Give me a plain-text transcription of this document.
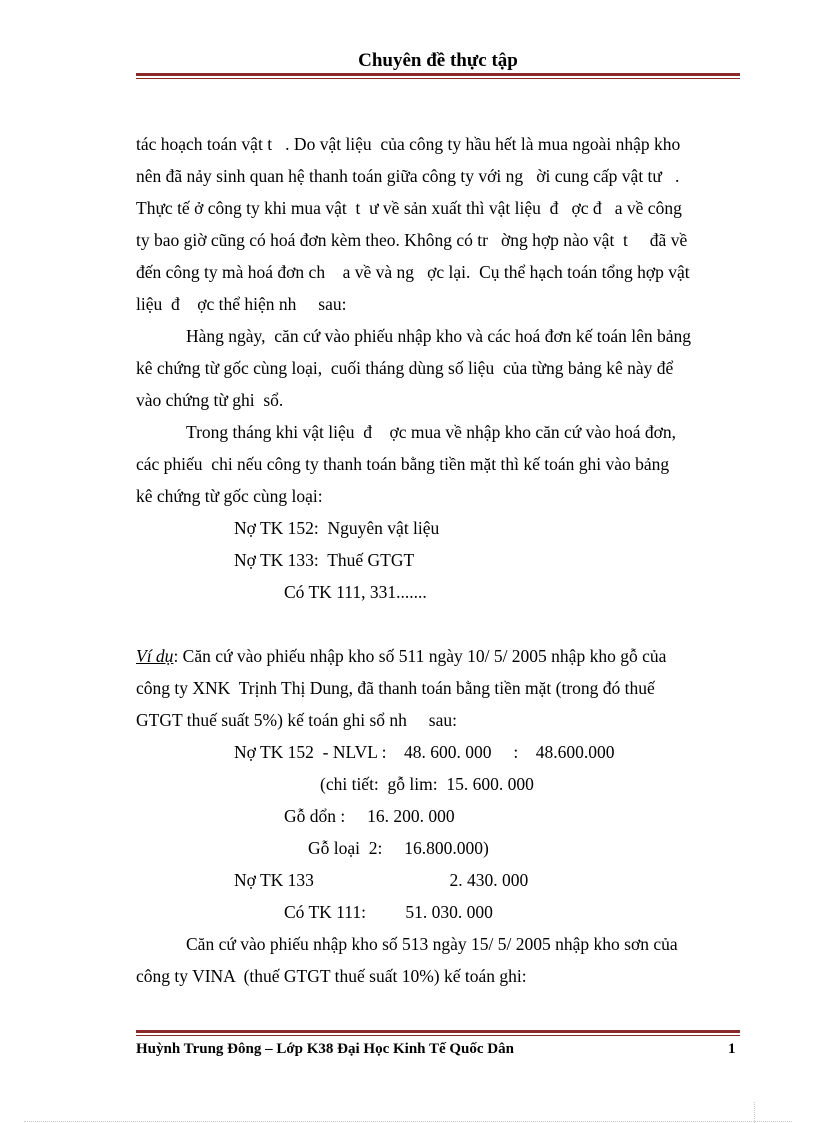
Chuyên đề thực tập
tác hoạch toán vật t   . Do vật liệu  của công ty hầu hết là mua ngoài nhập kho
nên đã nảy sinh quan hệ thanh toán giữa công ty với ng   ời cung cấp vật tư   .
Thực tế ở công ty khi mua vật  t  ư về sản xuất thì vật liệu  đ   ợc đ   a về công
ty bao giờ cũng có hoá đơn kèm theo. Không có tr   ờng hợp nào vật  t     đã về
đến công ty mà hoá đơn ch    a về và ng   ợc lại.  Cụ thể hạch toán tổng hợp vật
liệu  đ    ợc thể hiện nh     sau:
Hàng ngày,  căn cứ vào phiếu nhập kho và các hoá đơn kế toán lên bảng
kê chứng từ gốc cùng loại,  cuối tháng dùng số liệu  của từng bảng kê này để
vào chứng từ ghi  sổ.
Trong tháng khi vật liệu  đ    ợc mua về nhập kho căn cứ vào hoá đơn,
các phiếu  chi nếu công ty thanh toán bằng tiền mặt thì kế toán ghi vào bảng
kê chứng từ gốc cùng loại:
Nợ TK 152:  Nguyên vật liệu
Nợ TK 133:  Thuế GTGT
Có TK 111, 331.......
Ví dụ: Căn cứ vào phiếu nhập kho số 511 ngày 10/ 5/ 2005 nhập kho gỗ của
công ty XNK  Trịnh Thị Dung, đã thanh toán bằng tiền mặt (trong đó thuế
GTGT thuế suất 5%) kế toán ghi sổ nh     sau:
Nợ TK 152  - NLVL :    48. 600. 000     :    48.600.000
(chi tiết:  gỗ lim:  15. 600. 000
Gỗ dổn :     16. 200. 000
Gỗ loại  2:     16.800.000)
Nợ TK 133                               2. 430. 000
Có TK 111:         51. 030. 000
Căn cứ vào phiếu nhập kho số 513 ngày 15/ 5/ 2005 nhập kho sơn của
công ty VINA  (thuế GTGT thuế suất 10%) kế toán ghi:
Huỳnh Trung Đông – Lớp K38 Đại Học Kinh Tế Quốc Dân	1
